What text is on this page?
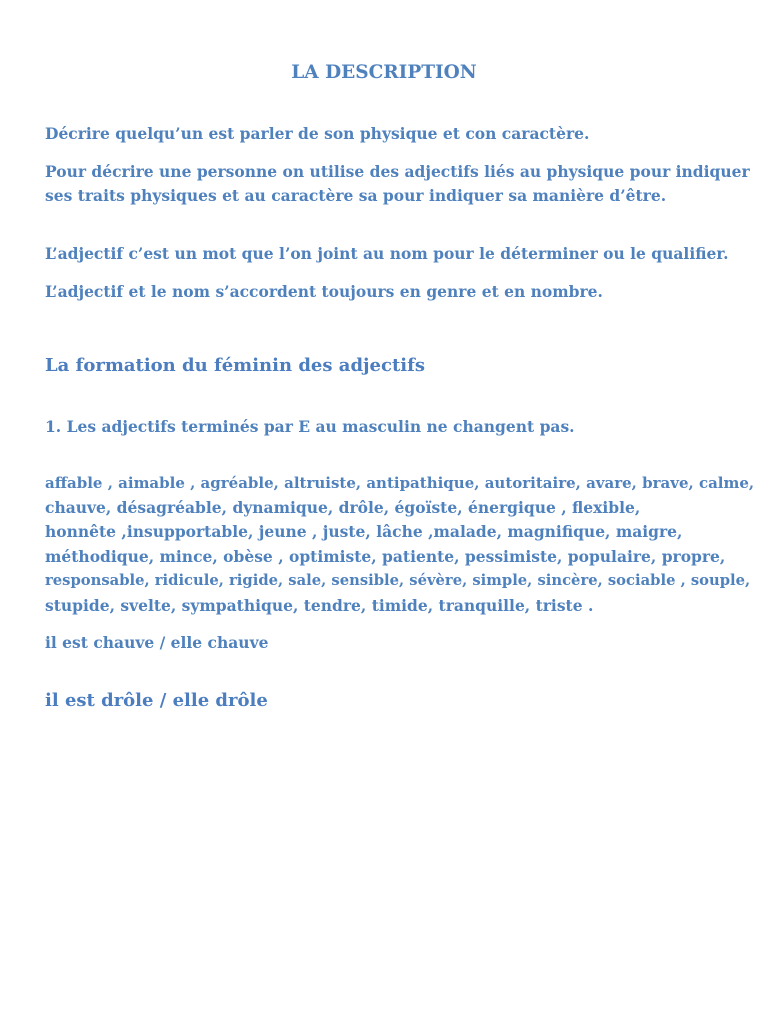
LA DESCRIPTION

Décrire quelqu’un est parler de son physique et con caractère.

Pour décrire une personne on utilise des adjectifs liés au physique pour indiquer

ses traits physiques et au caractère sa pour indiquer sa manière d’être.

L’adjectif c’est un mot que l’on joint au nom pour le déterminer ou le qualifier.

L’adjectif et le nom s’accordent toujours en genre et en nombre.

La formation du féminin des adjectifs

1. Les adjectifs terminés par E au masculin ne changent pas.

affable , aimable , agréable, altruiste, antipathique, autoritaire, avare, brave, calme,

chauve, désagréable, dynamique, drôle, égoïste, énergique , flexible,

honnête ,insupportable, jeune , juste, lâche ,malade, magnifique, maigre,

méthodique, mince, obèse , optimiste, patiente, pessimiste, populaire, propre,

responsable, ridicule, rigide, sale, sensible, sévère, simple, sincère, sociable , souple,

stupide, svelte, sympathique, tendre, timide, tranquille, triste .

il est chauve / elle chauve

il est drôle / elle drôle
